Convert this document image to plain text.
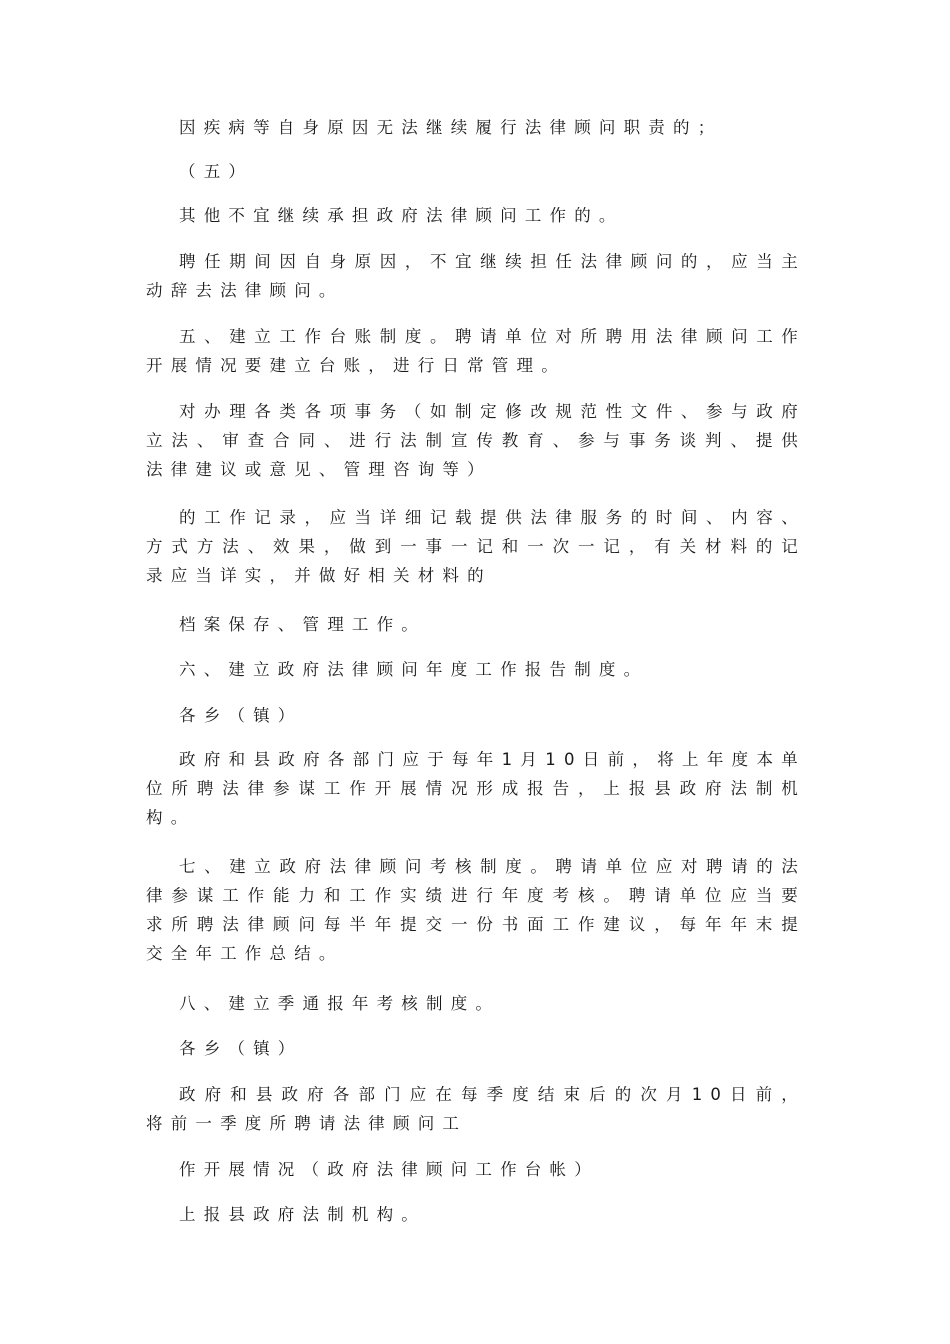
因疾病等自身原因无法继续履行法律顾问职责的；

（五）

其他不宜继续承担政府法律顾问工作的。

聘任期间因自身原因，不宜继续担任法律顾问的，应当主动辞去法律顾问。

五、建立工作台账制度。聘请单位对所聘用法律顾问工作开展情况要建立台账，进行日常管理。

对办理各类各项事务（如制定修改规范性文件、参与政府立法、审查合同、进行法制宣传教育、参与事务谈判、提供法律建议或意见、管理咨询等）

的工作记录，应当详细记载提供法律服务的时间、内容、方式方法、效果，做到一事一记和一次一记，有关材料的记录应当详实，并做好相关材料的

档案保存、管理工作。

六、建立政府法律顾问年度工作报告制度。

各乡（镇）

政府和县政府各部门应于每年1月10日前，将上年度本单位所聘法律参谋工作开展情况形成报告，上报县政府法制机构。

七、建立政府法律顾问考核制度。聘请单位应对聘请的法律参谋工作能力和工作实绩进行年度考核。聘请单位应当要求所聘法律顾问每半年提交一份书面工作建议，每年年末提交全年工作总结。

八、建立季通报年考核制度。

各乡（镇）

政府和县政府各部门应在每季度结束后的次月10日前，将前一季度所聘请法律顾问工

作开展情况（政府法律顾问工作台帐）

上报县政府法制机构。
